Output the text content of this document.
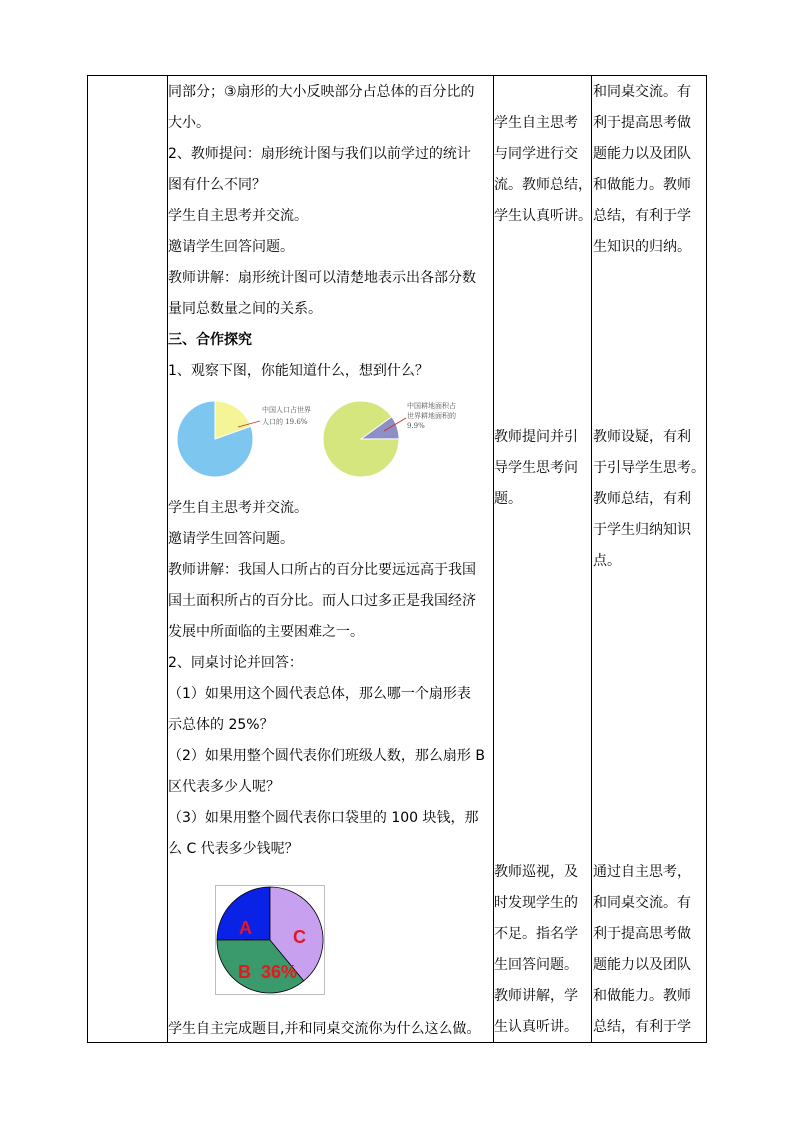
同部分；③扇形的大小反映部分占总体的百分比的

大小。

2、教师提问：扇形统计图与我们以前学过的统计

图有什么不同？

学生自主思考并交流。

邀请学生回答问题。

教师讲解：扇形统计图可以清楚地表示出各部分数

量同总数量之间的关系。

三、合作探究

1、观察下图，你能知道什么，想到什么？

中国人口占世界
人口的 19.6%
中国耕地面积占
世界耕地面积的
9.9%

学生自主思考并交流。

邀请学生回答问题。

教师讲解：我国人口所占的百分比要远远高于我国

国土面积所占的百分比。而人口过多正是我国经济

发展中所面临的主要困难之一。

2、同桌讨论并回答：

（1）如果用这个圆代表总体，那么哪一个扇形表

示总体的 25%？

（2）如果用整个圆代表你们班级人数，那么扇形 B

区代表多少人呢？

（3）如果用整个圆代表你口袋里的 100 块钱，那

么 C 代表多少钱呢？

A C
B  36%

学生自主完成题目,并和同桌交流你为什么这么做。

学生自主思考

与同学进行交

流。教师总结，

学生认真听讲。

教师提问并引

导学生思考问

题。

教师巡视，及

时发现学生的

不足。指名学

生回答问题。

教师讲解，学

生认真听讲。

和同桌交流。有

利于提高思考做

题能力以及团队

和做能力。教师

总结，有利于学

生知识的归纳。

教师设疑，有利

于引导学生思考。

教师总结，有利

于学生归纳知识

点。

通过自主思考，

和同桌交流。有

利于提高思考做

题能力以及团队

和做能力。教师

总结，有利于学
